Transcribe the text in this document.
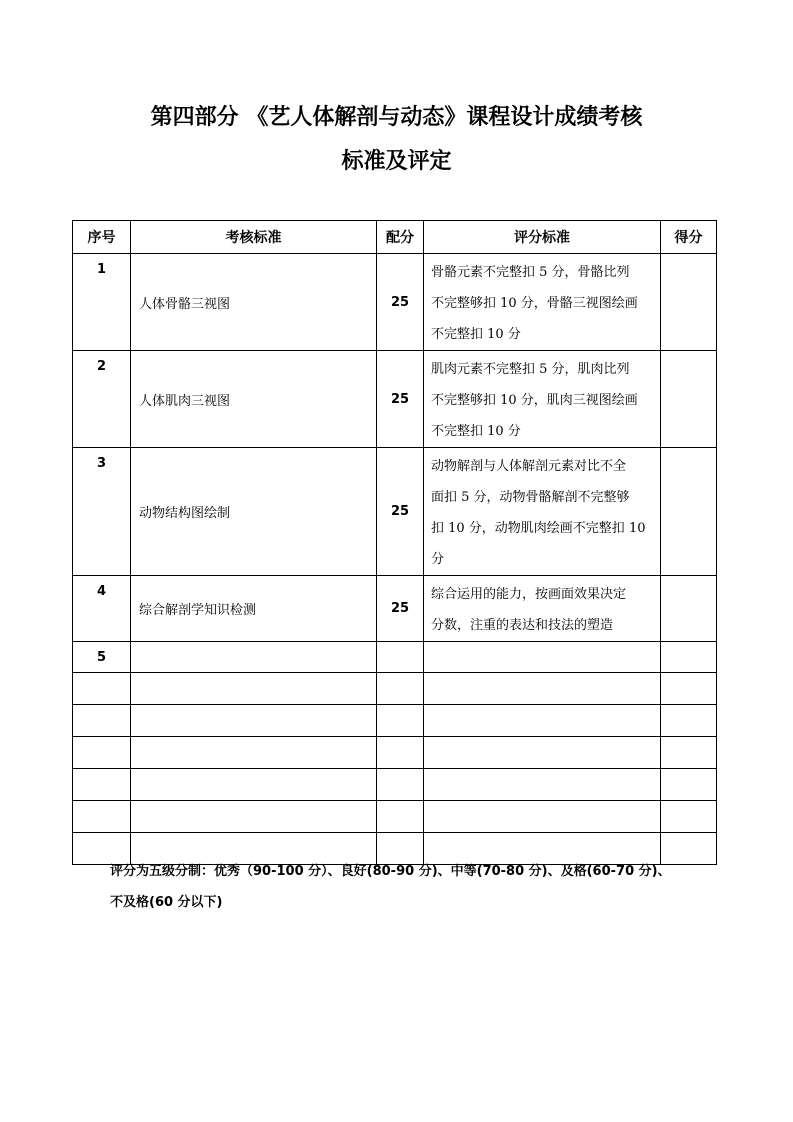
第四部分 《艺人体解剖与动态》课程设计成绩考核
标准及评定
序号	考核标准	配分	评分标准	得分
1	人体骨骼三视图	25	骨骼元素不完整扣 5 分，骨骼比列
不完整够扣 10 分，骨骼三视图绘画
不完整扣 10 分	

2	人体肌肉三视图	25	肌肉元素不完整扣 5 分，肌肉比列
不完整够扣 10 分，肌肉三视图绘画
不完整扣 10 分	

3	动物结构图绘制	25	动物解剖与人体解剖元素对比不全
面扣 5 分，动物骨骼解剖不完整够
扣 10 分，动物肌肉绘画不完整扣 10
分	

4	综合解剖学知识检测	25	综合运用的能力，按画面效果决定
分数，注重的表达和技法的塑造	

5				

评分为五级分制：优秀（90-100 分）、良好(80-90 分)、中等(70-80 分)、及格(60-70 分)、
不及格(60 分以下)
